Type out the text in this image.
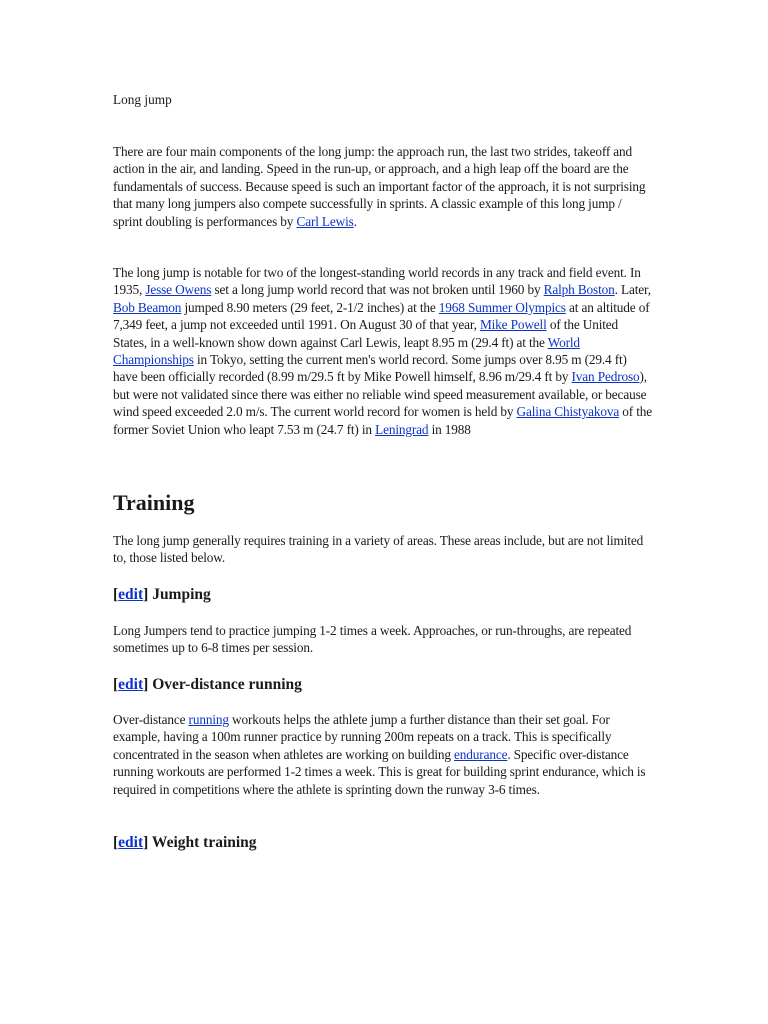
Long jump

There are four main components of the long jump: the approach run, the last two strides, takeoff and action in the air, and landing. Speed in the run-up, or approach, and a high leap off the board are the fundamentals of success. Because speed is such an important factor of the approach, it is not surprising that many long jumpers also compete successfully in sprints. A classic example of this long jump / sprint doubling is performances by Carl Lewis.

The long jump is notable for two of the longest-standing world records in any track and field event. In 1935, Jesse Owens set a long jump world record that was not broken until 1960 by Ralph Boston. Later, Bob Beamon jumped 8.90 meters (29 feet, 2-1/2 inches) at the 1968 Summer Olympics at an altitude of 7,349 feet, a jump not exceeded until 1991. On August 30 of that year, Mike Powell of the United States, in a well-known show down against Carl Lewis, leapt 8.95 m (29.4 ft) at the World Championships in Tokyo, setting the current men's world record. Some jumps over 8.95 m (29.4 ft) have been officially recorded (8.99 m/29.5 ft by Mike Powell himself, 8.96 m/29.4 ft by Ivan Pedroso), but were not validated since there was either no reliable wind speed measurement available, or because wind speed exceeded 2.0 m/s. The current world record for women is held by Galina Chistyakova of the former Soviet Union who leapt 7.53 m (24.7 ft) in Leningrad in 1988

Training

The long jump generally requires training in a variety of areas. These areas include, but are not limited to, those listed below.

[edit] Jumping

Long Jumpers tend to practice jumping 1-2 times a week. Approaches, or run-throughs, are repeated sometimes up to 6-8 times per session.

[edit] Over-distance running

Over-distance running workouts helps the athlete jump a further distance than their set goal. For example, having a 100m runner practice by running 200m repeats on a track. This is specifically concentrated in the season when athletes are working on building endurance. Specific over-distance running workouts are performed 1-2 times a week. This is great for building sprint endurance, which is required in competitions where the athlete is sprinting down the runway 3-6 times.

[edit] Weight training
